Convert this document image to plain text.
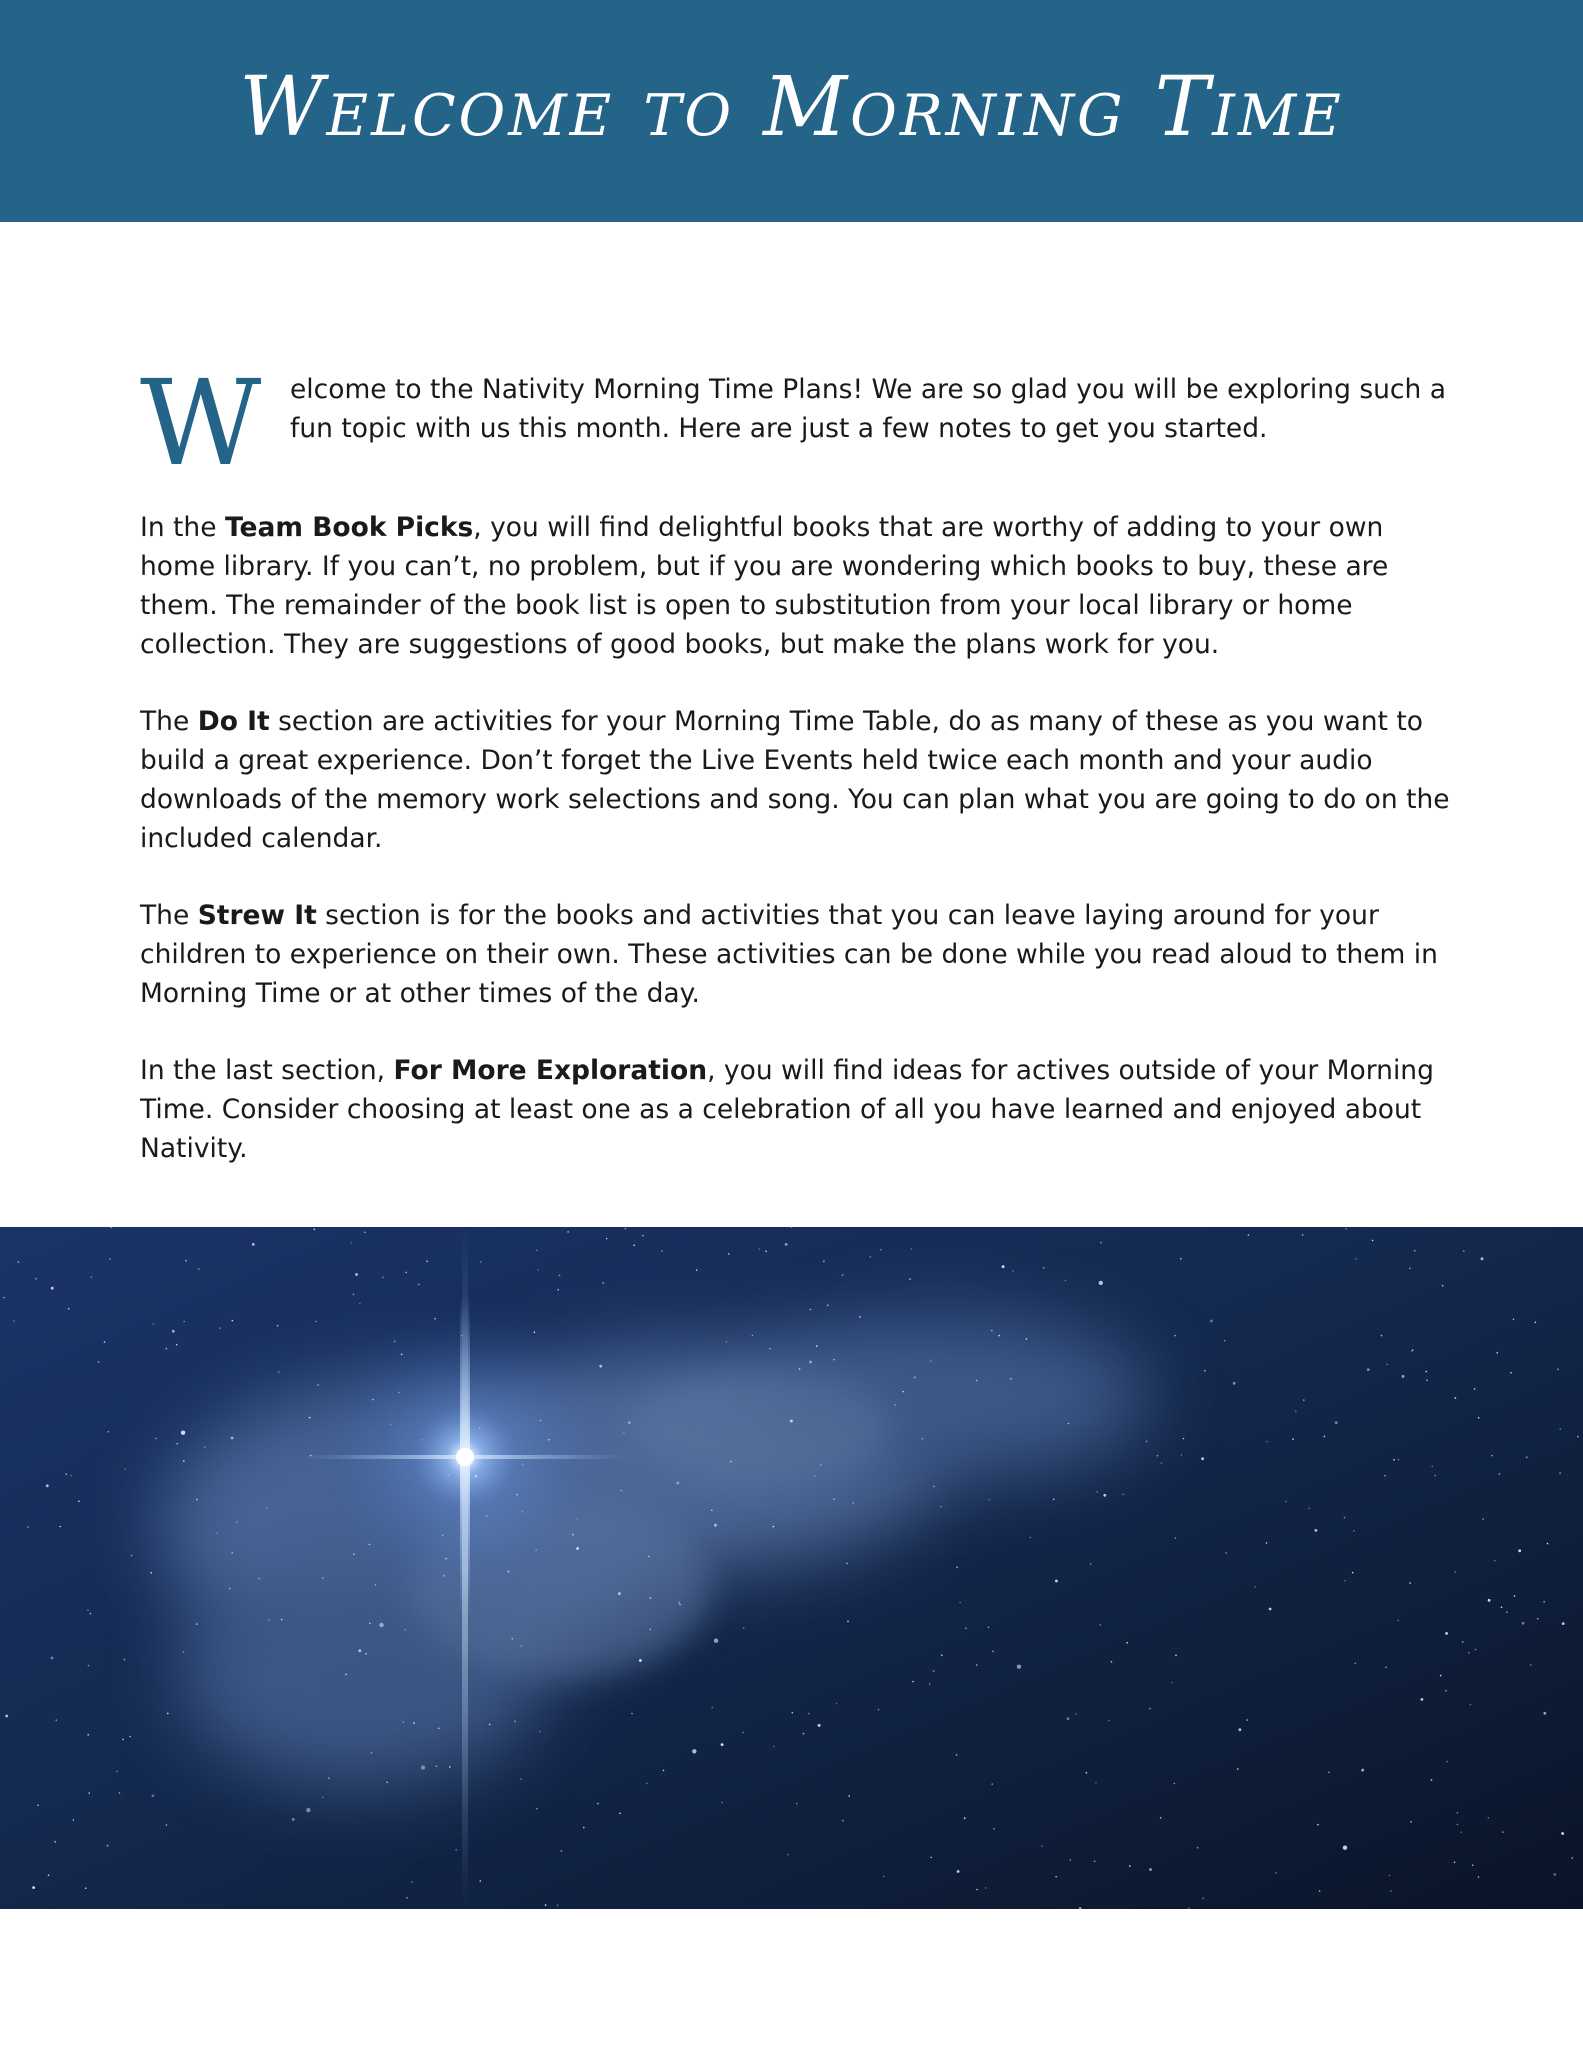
Welcome to Morning Time

W elcome to the Nativity Morning Time Plans! We are so glad you will be exploring such a fun topic with us this month. Here are just a few notes to get you started.

In the Team Book Picks, you will find delightful books that are worthy of adding to your own home library. If you can’t, no problem, but if you are wondering which books to buy, these are them. The remainder of the book list is open to substitution from your local library or home collection. They are suggestions of good books, but make the plans work for you.

The Do It section are activities for your Morning Time Table, do as many of these as you want to build a great experience. Don’t forget the Live Events held twice each month and your audio downloads of the memory work selections and song. You can plan what you are going to do on the included calendar.

The Strew It section is for the books and activities that you can leave laying around for your children to experience on their own. These activities can be done while you read aloud to them in Morning Time or at other times of the day.

In the last section, For More Exploration, you will find ideas for actives outside of your Morning Time. Consider choosing at least one as a celebration of all you have learned and enjoyed about Nativity.
